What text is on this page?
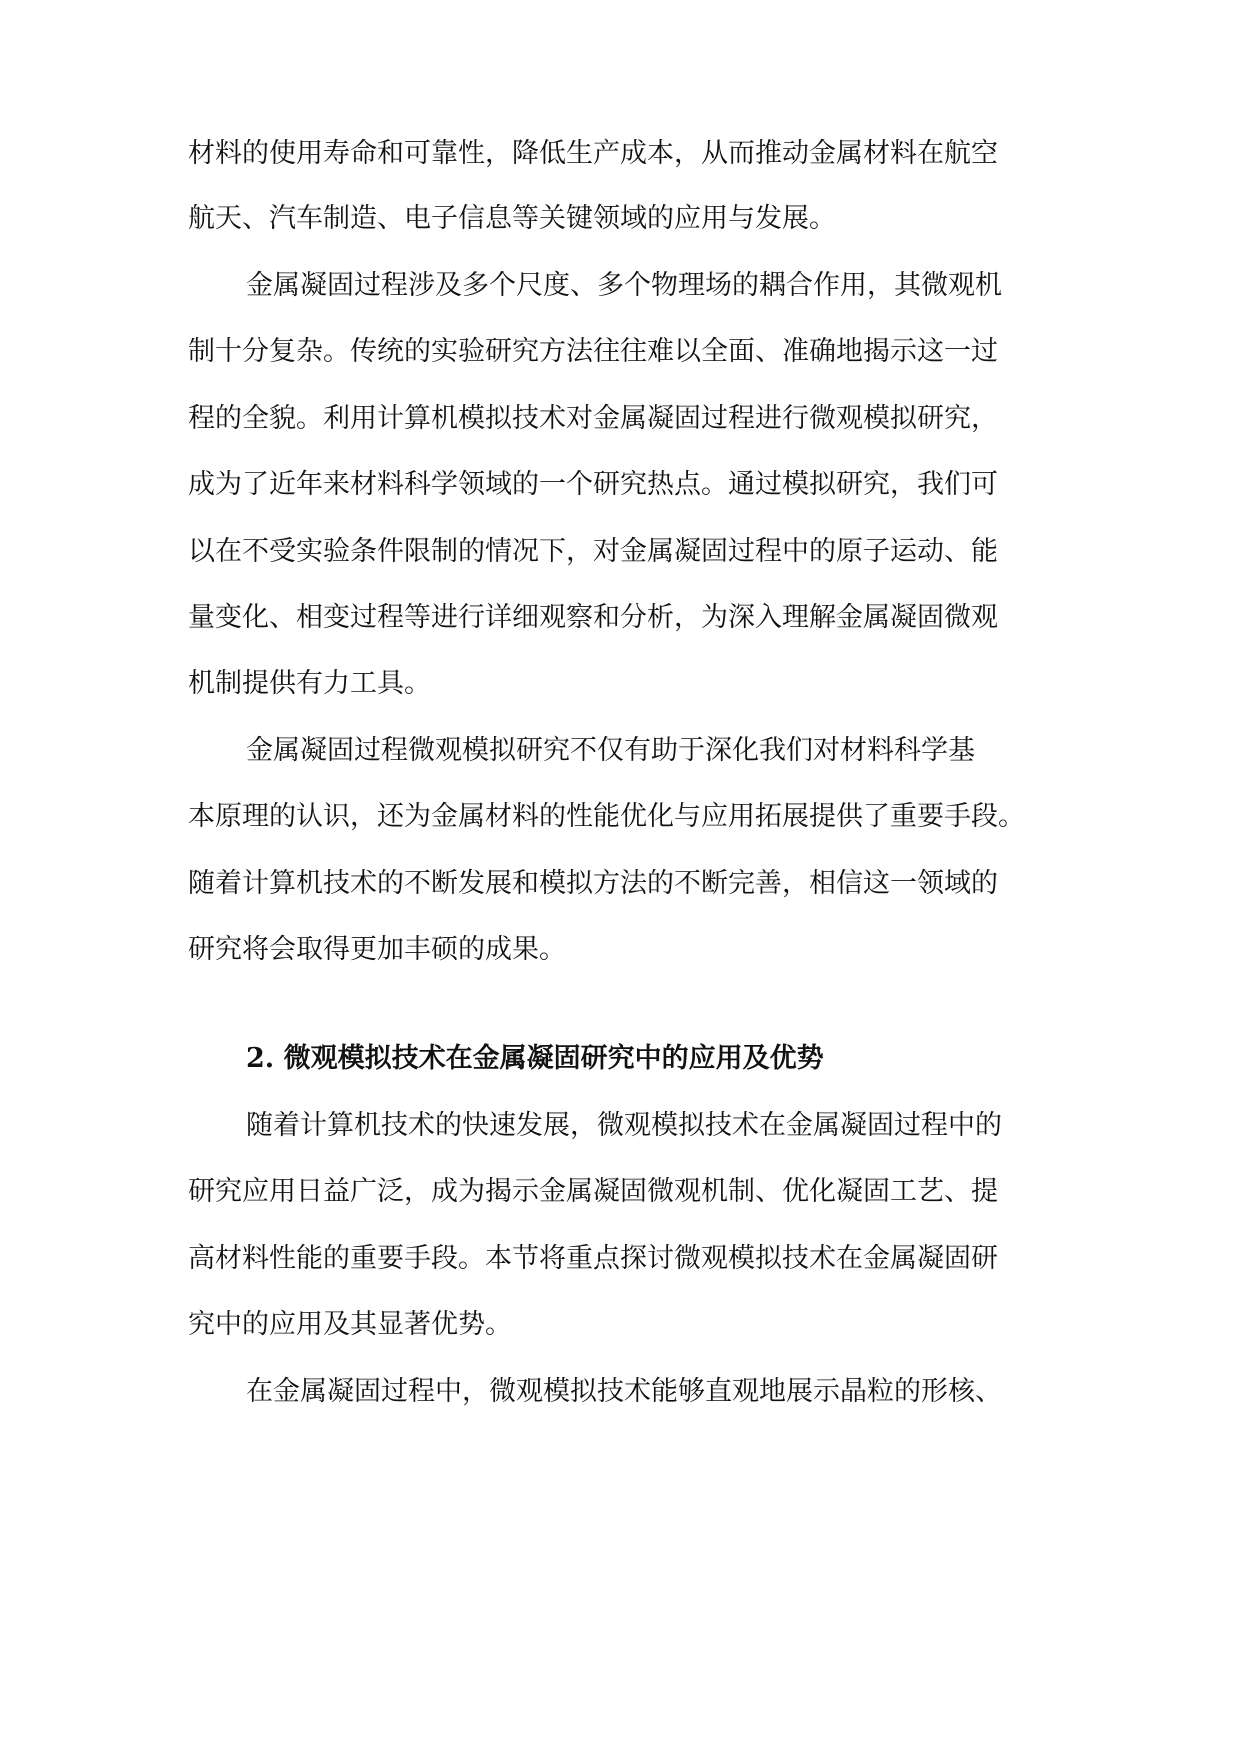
材料的使用寿命和可靠性，降低生产成本，从而推动金属材料在航空
航天、汽车制造、电子信息等关键领域的应用与发展。
金属凝固过程涉及多个尺度、多个物理场的耦合作用，其微观机
制十分复杂。传统的实验研究方法往往难以全面、准确地揭示这一过
程的全貌。利用计算机模拟技术对金属凝固过程进行微观模拟研究，
成为了近年来材料科学领域的一个研究热点。通过模拟研究，我们可
以在不受实验条件限制的情况下，对金属凝固过程中的原子运动、能
量变化、相变过程等进行详细观察和分析，为深入理解金属凝固微观
机制提供有力工具。
金属凝固过程微观模拟研究不仅有助于深化我们对材料科学基
本原理的认识，还为金属材料的性能优化与应用拓展提供了重要手段。
随着计算机技术的不断发展和模拟方法的不断完善，相信这一领域的
研究将会取得更加丰硕的成果。
2. 微观模拟技术在金属凝固研究中的应用及优势
随着计算机技术的快速发展，微观模拟技术在金属凝固过程中的
研究应用日益广泛，成为揭示金属凝固微观机制、优化凝固工艺、提
高材料性能的重要手段。本节将重点探讨微观模拟技术在金属凝固研
究中的应用及其显著优势。
在金属凝固过程中，微观模拟技术能够直观地展示晶粒的形核、
